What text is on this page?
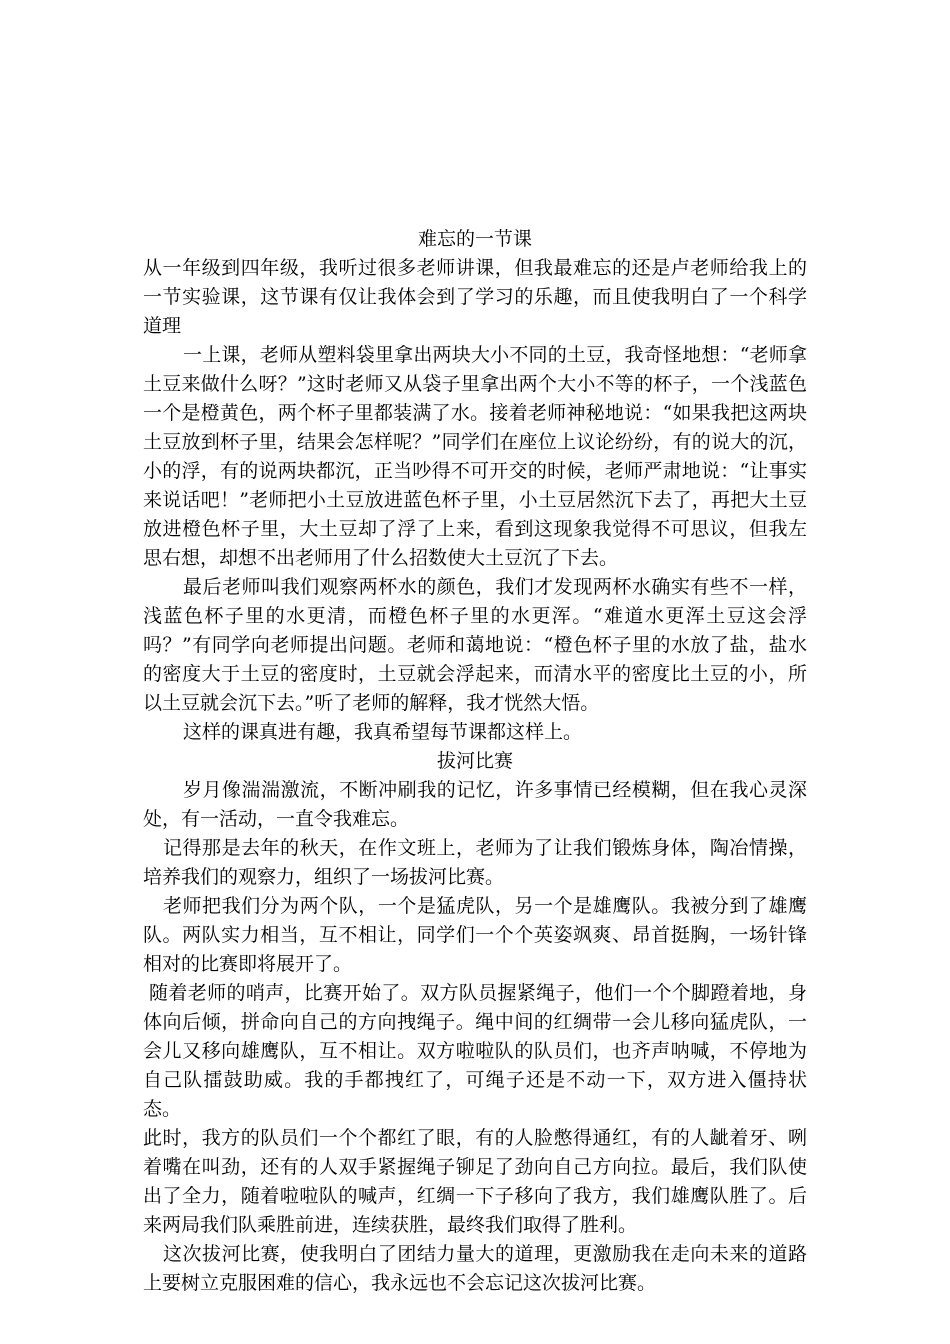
难忘的一节课

从一年级到四年级，我听过很多老师讲课，但我最难忘的还是卢老师给我上的一节实验课，这节课有仅让我体会到了学习的乐趣，而且使我明白了一个科学道理

一上课，老师从塑料袋里拿出两块大小不同的土豆，我奇怪地想：“老师拿土豆来做什么呀？”这时老师又从袋子里拿出两个大小不等的杯子，一个浅蓝色一个是橙黄色，两个杯子里都装满了水。接着老师神秘地说：“如果我把这两块土豆放到杯子里，结果会怎样呢？”同学们在座位上议论纷纷，有的说大的沉，小的浮，有的说两块都沉，正当吵得不可开交的时候，老师严肃地说：“让事实来说话吧！”老师把小土豆放进蓝色杯子里，小土豆居然沉下去了，再把大土豆放进橙色杯子里，大土豆却了浮了上来，看到这现象我觉得不可思议，但我左思右想，却想不出老师用了什么招数使大土豆沉了下去。

最后老师叫我们观察两杯水的颜色，我们才发现两杯水确实有些不一样，浅蓝色杯子里的水更清，而橙色杯子里的水更浑。“难道水更浑土豆这会浮吗？”有同学向老师提出问题。老师和蔼地说：“橙色杯子里的水放了盐，盐水的密度大于土豆的密度时，土豆就会浮起来，而清水平的密度比土豆的小，所以土豆就会沉下去。”听了老师的解释，我才恍然大悟。

这样的课真进有趣，我真希望每节课都这样上。

拔河比赛

岁月像湍湍激流，不断冲刷我的记忆，许多事情已经模糊，但在我心灵深处，有一活动，一直令我难忘。

记得那是去年的秋天，在作文班上，老师为了让我们锻炼身体，陶冶情操，培养我们的观察力，组织了一场拔河比赛。

老师把我们分为两个队，一个是猛虎队，另一个是雄鹰队。我被分到了雄鹰队。两队实力相当，互不相让，同学们一个个英姿飒爽、昂首挺胸，一场针锋相对的比赛即将展开了。

随着老师的哨声，比赛开始了。双方队员握紧绳子，他们一个个脚蹬着地，身体向后倾，拼命向自己的方向拽绳子。绳中间的红绸带一会儿移向猛虎队，一会儿又移向雄鹰队，互不相让。双方啦啦队的队员们，也齐声呐喊，不停地为自己队擂鼓助威。我的手都拽红了，可绳子还是不动一下，双方进入僵持状态。

此时，我方的队员们一个个都红了眼，有的人脸憋得通红，有的人龇着牙、咧着嘴在叫劲，还有的人双手紧握绳子铆足了劲向自己方向拉。最后，我们队使出了全力，随着啦啦队的喊声，红绸一下子移向了我方，我们雄鹰队胜了。后来两局我们队乘胜前进，连续获胜，最终我们取得了胜利。

这次拔河比赛，使我明白了团结力量大的道理，更激励我在走向未来的道路上要树立克服困难的信心，我永远也不会忘记这次拔河比赛。
